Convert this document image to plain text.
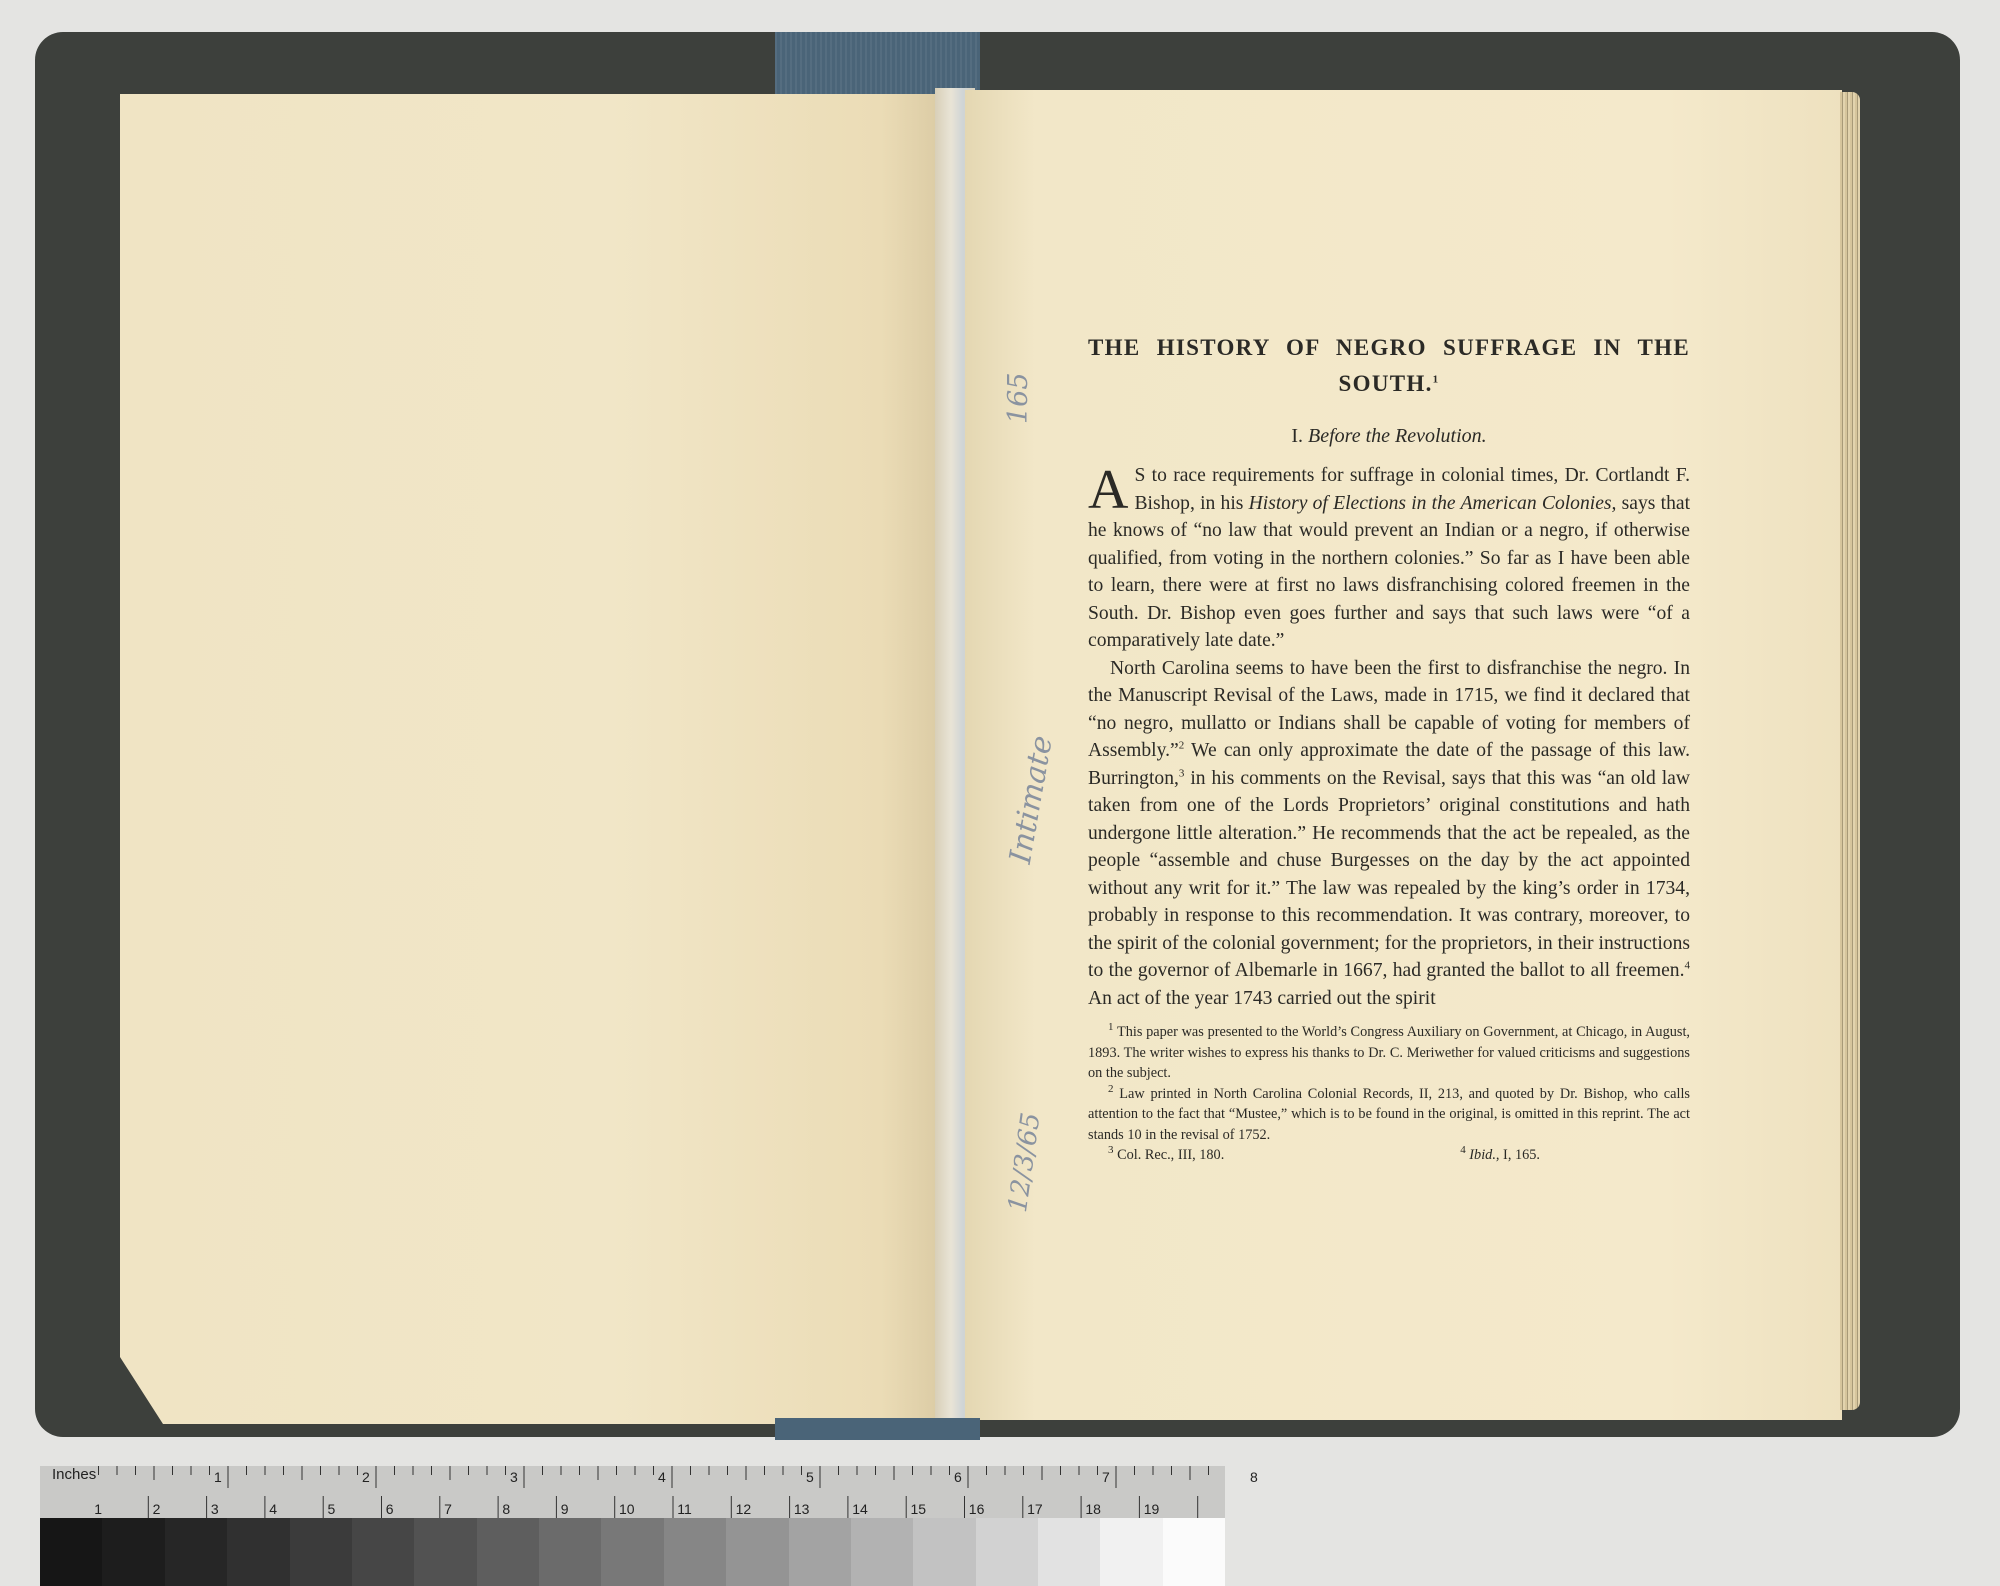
165
Intimate
12/3/65
THE HISTORY OF NEGRO SUFFRAGE IN THE SOUTH.$^1$
I. Before the Revolution.

A S to race requirements for suffrage in colonial times, Dr. Cortlandt F. Bishop, in his History of Elections in the American Colonies, says that he knows of “no law that would prevent an Indian or a negro, if otherwise qualified, from voting in the northern colonies.” So far as I have been able to learn, there were at first no laws disfranchising colored freemen in the South. Dr. Bishop even goes further and says that such laws were “of a comparatively late date.”

North Carolina seems to have been the first to disfranchise the negro. In the Manuscript Revisal of the Laws, made in 1715, we find it declared that “no negro, mullatto or Indians shall be capable of voting for members of Assembly.”$^2$ We can only approximate the date of the passage of this law. Burrington,$^3$ in his comments on the Revisal, says that this was “an old law taken from one of the Lords Proprietors’ original constitutions and hath undergone little alteration.” He recommends that the act be repealed, as the people “assemble and chuse Burgesses on the day by the act appointed without any writ for it.” The law was repealed by the king’s order in 1734, probably in response to this recommendation. It was contrary, moreover, to the spirit of the colonial government; for the proprietors, in their instructions to the governor of Albemarle in 1667, had granted the ballot to all freemen.$^4$ An act of the year 1743 carried out the spirit

$^1$ This paper was presented to the World’s Congress Auxiliary on Government, at Chicago, in August, 1893. The writer wishes to express his thanks to Dr. C. Meriwether for valued criticisms and suggestions on the subject.

$^2$ Law printed in North Carolina Colonial Records, II, 213, and quoted by Dr. Bishop, who calls attention to the fact that “Mustee,” which is to be found in the original, is omitted in this reprint. The act stands 10 in the revisal of 1752.

$^3$ Col. Rec., III, 180.	$^4$ Ibid., I, 165.
1	2	3	4	5	6	7	8
1	2	3	4	5	6	7	8	9	10	11	12	13	14	15	16	17	18	19
Inches
